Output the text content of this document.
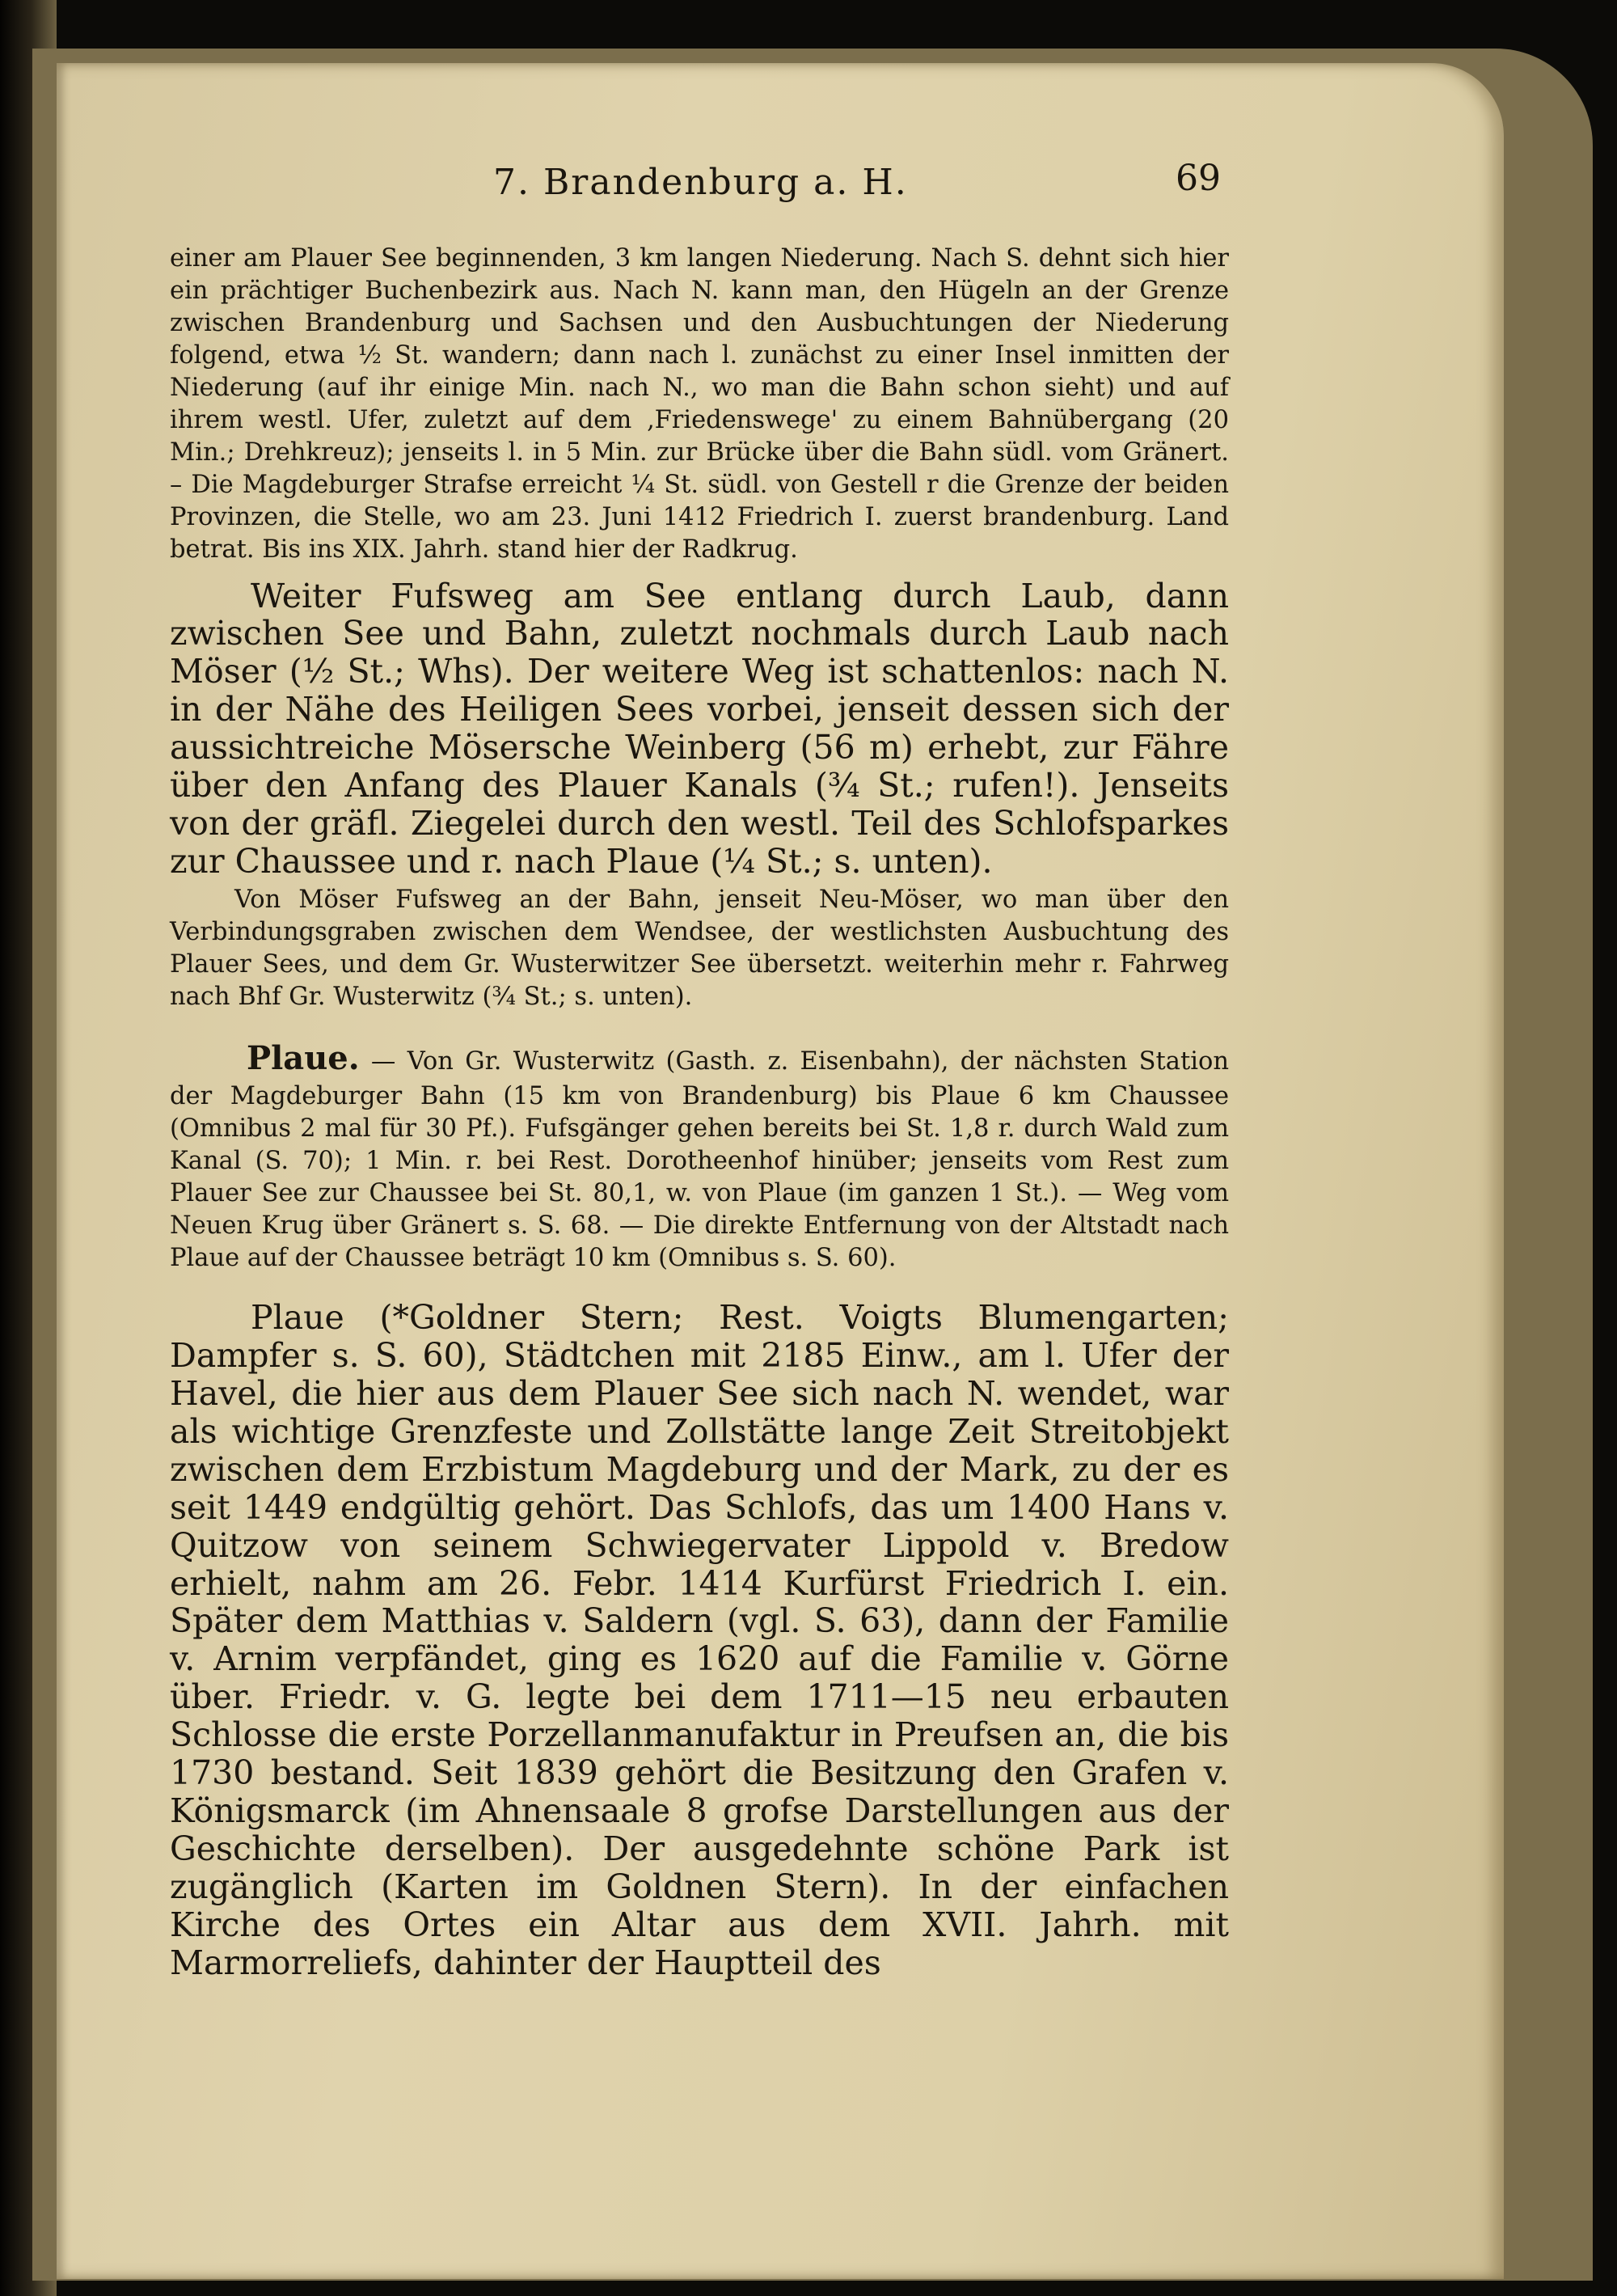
7. Brandenburg a. H.	69

einer am Plauer See beginnenden, 3 km langen Niederung. Nach S. dehnt sich hier ein prächtiger Buchenbezirk aus. Nach N. kann man, den Hügeln an der Grenze zwischen Brandenburg und Sachsen und den Ausbuchtungen der Niederung folgend, etwa ½ St. wandern; dann nach l. zunächst zu einer Insel inmitten der Niederung (auf ihr einige Min. nach N., wo man die Bahn schon sieht) und auf ihrem westl. Ufer, zuletzt auf dem ‚Friedenswege' zu einem Bahnübergang (20 Min.; Drehkreuz); jenseits l. in 5 Min. zur Brücke über die Bahn südl. vom Gränert. – Die Magdeburger Strafse erreicht ¼ St. südl. von Gestell r die Grenze der beiden Provinzen, die Stelle, wo am 23. Juni 1412 Friedrich I. zuerst brandenburg. Land betrat. Bis ins XIX. Jahrh. stand hier der Radkrug.

Weiter Fufsweg am See entlang durch Laub, dann zwischen See und Bahn, zuletzt nochmals durch Laub nach Möser (½ St.; Whs). Der weitere Weg ist schattenlos: nach N. in der Nähe des Heiligen Sees vorbei, jenseit dessen sich der aussichtreiche Mösersche Weinberg (56 m) erhebt, zur Fähre über den Anfang des Plauer Kanals (¾ St.; rufen!). Jenseits von der gräfl. Ziegelei durch den westl. Teil des Schlofsparkes zur Chaussee und r. nach Plaue (¼ St.; s. unten).

Von Möser Fufsweg an der Bahn, jenseit Neu-Möser, wo man über den Verbindungsgraben zwischen dem Wendsee, der westlichsten Ausbuchtung des Plauer Sees, und dem Gr. Wusterwitzer See übersetzt. weiterhin mehr r. Fahrweg nach Bhf Gr. Wusterwitz (¾ St.; s. unten).

Plaue. — Von Gr. Wusterwitz (Gasth. z. Eisenbahn), der nächsten Station der Magdeburger Bahn (15 km von Brandenburg) bis Plaue 6 km Chaussee (Omnibus 2 mal für 30 Pf.). Fufsgänger gehen bereits bei St. 1,8 r. durch Wald zum Kanal (S. 70); 1 Min. r. bei Rest. Dorotheenhof hinüber; jenseits vom Rest zum Plauer See zur Chaussee bei St. 80,1, w. von Plaue (im ganzen 1 St.). — Weg vom Neuen Krug über Gränert s. S. 68. — Die direkte Entfernung von der Altstadt nach Plaue auf der Chaussee beträgt 10 km (Omnibus s. S. 60).

Plaue (*Goldner Stern; Rest. Voigts Blumengarten; Dampfer s. S. 60), Städtchen mit 2185 Einw., am l. Ufer der Havel, die hier aus dem Plauer See sich nach N. wendet, war als wichtige Grenzfeste und Zollstätte lange Zeit Streitobjekt zwischen dem Erzbistum Magdeburg und der Mark, zu der es seit 1449 endgültig gehört. Das Schlofs, das um 1400 Hans v. Quitzow von seinem Schwiegervater Lippold v. Bredow erhielt, nahm am 26. Febr. 1414 Kurfürst Friedrich I. ein. Später dem Matthias v. Saldern (vgl. S. 63), dann der Familie v. Arnim verpfändet, ging es 1620 auf die Familie v. Görne über. Friedr. v. G. legte bei dem 1711—15 neu erbauten Schlosse die erste Porzellanmanufaktur in Preufsen an, die bis 1730 bestand. Seit 1839 gehört die Besitzung den Grafen v. Königsmarck (im Ahnensaale 8 grofse Darstellungen aus der Geschichte derselben). Der ausgedehnte schöne Park ist zugänglich (Karten im Goldnen Stern). In der einfachen Kirche des Ortes ein Altar aus dem XVII. Jahrh. mit Marmorreliefs, dahinter der Hauptteil des
